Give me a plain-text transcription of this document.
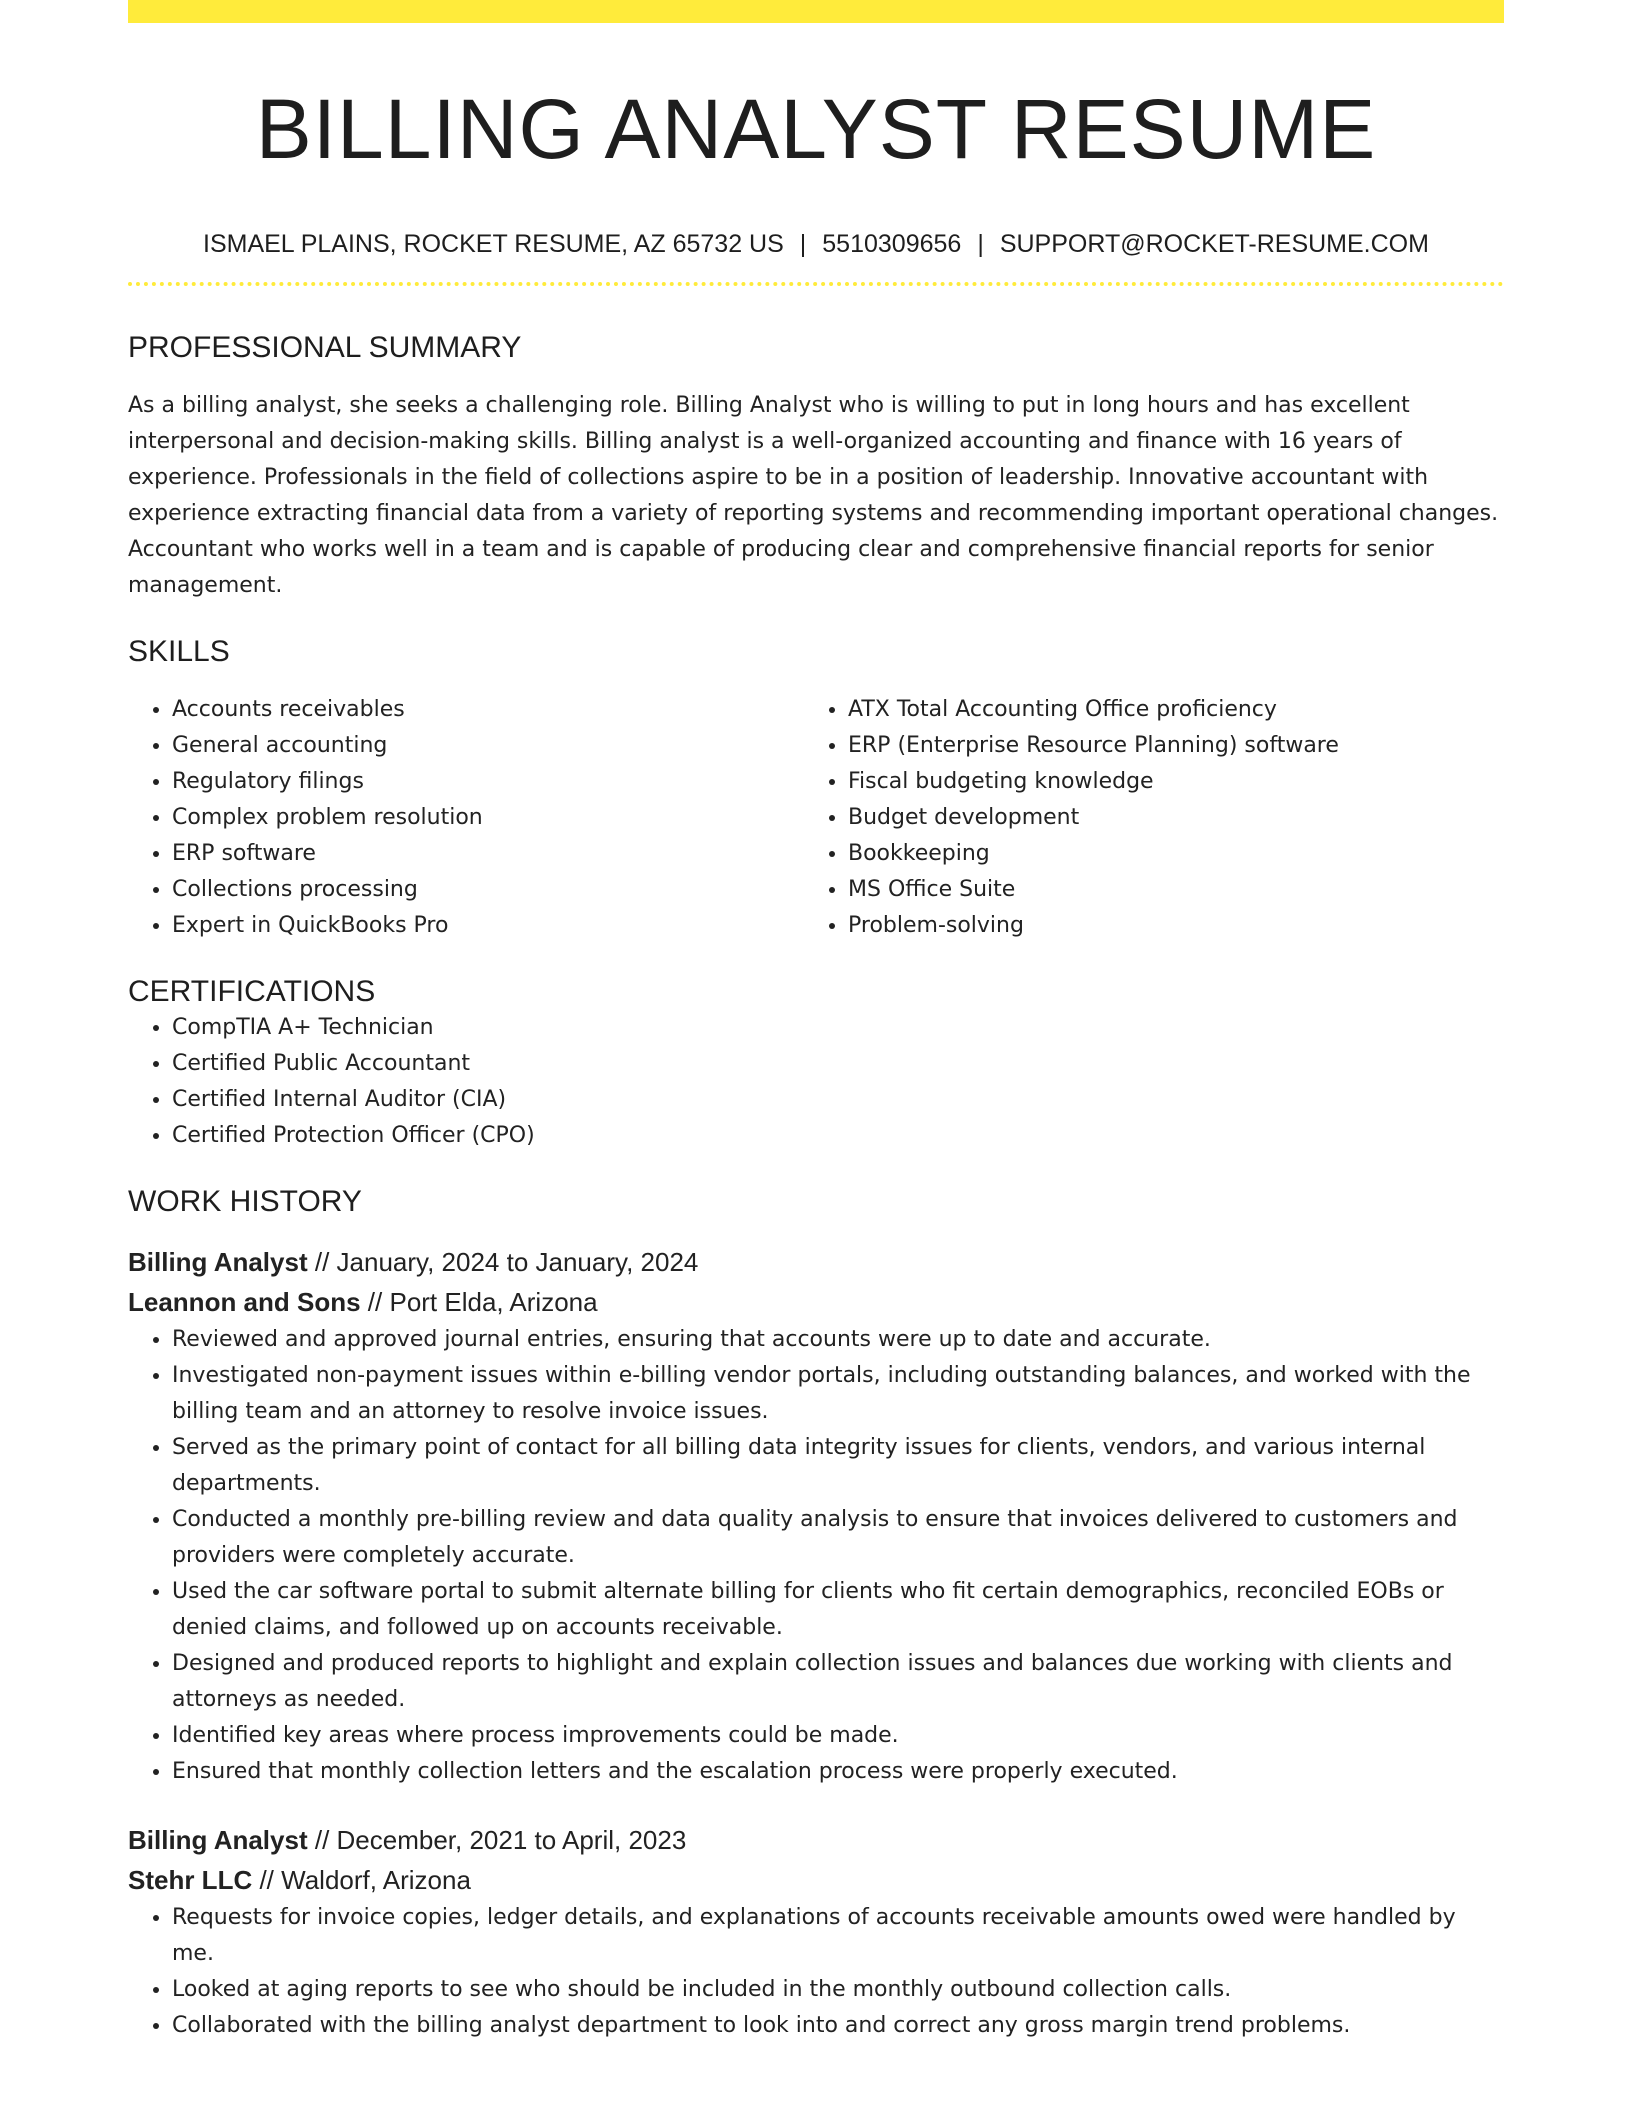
BILLING ANALYST RESUME
ISMAEL PLAINS, ROCKET RESUME, AZ 65732 US | 5510309656 | SUPPORT@ROCKET-RESUME.COM
PROFESSIONAL SUMMARY

As a billing analyst, she seeks a challenging role. Billing Analyst who is willing to put in long hours and has excellent interpersonal and decision-making skills. Billing analyst is a well-organized accounting and finance with 16 years of experience. Professionals in the field of collections aspire to be in a position of leadership. Innovative accountant with experience extracting financial data from a variety of reporting systems and recommending important operational changes. Accountant who works well in a team and is capable of producing clear and comprehensive financial reports for senior management.

SKILLS
• Accounts receivables
• General accounting
• Regulatory filings
• Complex problem resolution
• ERP software
• Collections processing
• Expert in QuickBooks Pro
• ATX Total Accounting Office proficiency
• ERP (Enterprise Resource Planning) software
• Fiscal budgeting knowledge
• Budget development
• Bookkeeping
• MS Office Suite
• Problem-solving
CERTIFICATIONS
• CompTIA A+ Technician
• Certified Public Accountant
• Certified Internal Auditor (CIA)
• Certified Protection Officer (CPO)
WORK HISTORY
Billing Analyst // January, 2024 to January, 2024
Leannon and Sons // Port Elda, Arizona
• Reviewed and approved journal entries, ensuring that accounts were up to date and accurate.
• Investigated non-payment issues within e-billing vendor portals, including outstanding balances, and worked with the billing team and an attorney to resolve invoice issues.
• Served as the primary point of contact for all billing data integrity issues for clients, vendors, and various internal departments.
• Conducted a monthly pre-billing review and data quality analysis to ensure that invoices delivered to customers and providers were completely accurate.
• Used the car software portal to submit alternate billing for clients who fit certain demographics, reconciled EOBs or denied claims, and followed up on accounts receivable.
• Designed and produced reports to highlight and explain collection issues and balances due working with clients and attorneys as needed.
• Identified key areas where process improvements could be made.
• Ensured that monthly collection letters and the escalation process were properly executed.
Billing Analyst // December, 2021 to April, 2023
Stehr LLC // Waldorf, Arizona
• Requests for invoice copies, ledger details, and explanations of accounts receivable amounts owed were handled by me.
• Looked at aging reports to see who should be included in the monthly outbound collection calls.
• Collaborated with the billing analyst department to look into and correct any gross margin trend problems.
